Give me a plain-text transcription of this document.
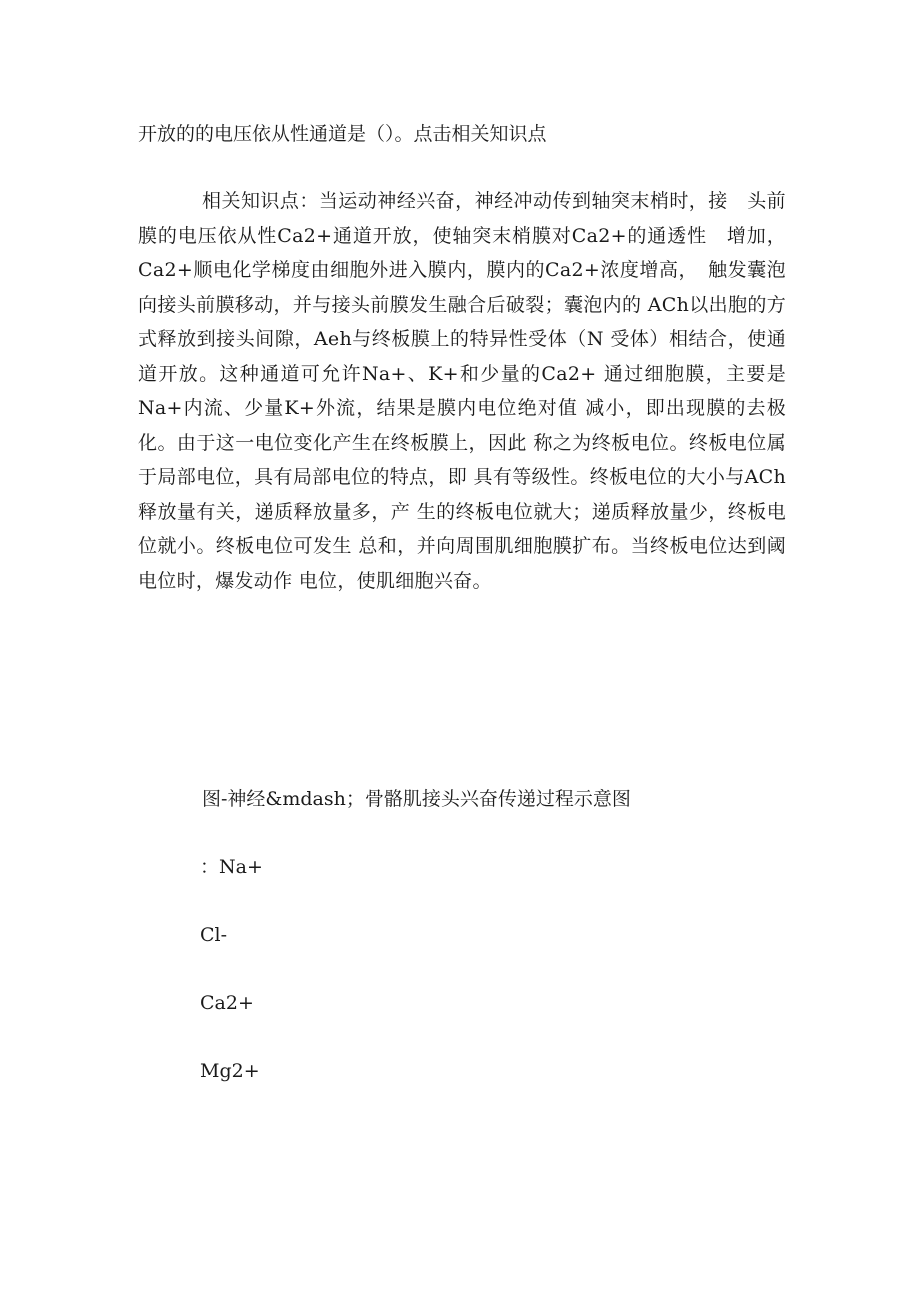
开放的的电压依从性通道是（）。点击相关知识点

相关知识点：当运动神经兴奋，神经冲动传到轴突末梢时，接　头前膜的电压依从性Ca2+通道开放，使轴突末梢膜对Ca2+的通透性　增加，Ca2+顺电化学梯度由细胞外进入膜内，膜内的Ca2+浓度增高，　触发囊泡向接头前膜移动，并与接头前膜发生融合后破裂；囊泡内的 ACh以出胞的方式释放到接头间隙，Aeh与终板膜上的特异性受体（N 受体）相结合，使通道开放。这种通道可允许Na+、K+和少量的Ca2+ 通过细胞膜，主要是Na+内流、少量K+外流，结果是膜内电位绝对值 减小，即出现膜的去极化。由于这一电位变化产生在终板膜上，因此 称之为终板电位。终板电位属于局部电位，具有局部电位的特点，即 具有等级性。终板电位的大小与ACh释放量有关，递质释放量多，产 生的终板电位就大；递质释放量少，终板电位就小。终板电位可发生 总和，并向周围肌细胞膜扩布。当终板电位达到阈电位时，爆发动作 电位，使肌细胞兴奋。

图-神经&mdash；骨骼肌接头兴奋传递过程示意图

：Na+

Cl-

Ca2+

Mg2+
